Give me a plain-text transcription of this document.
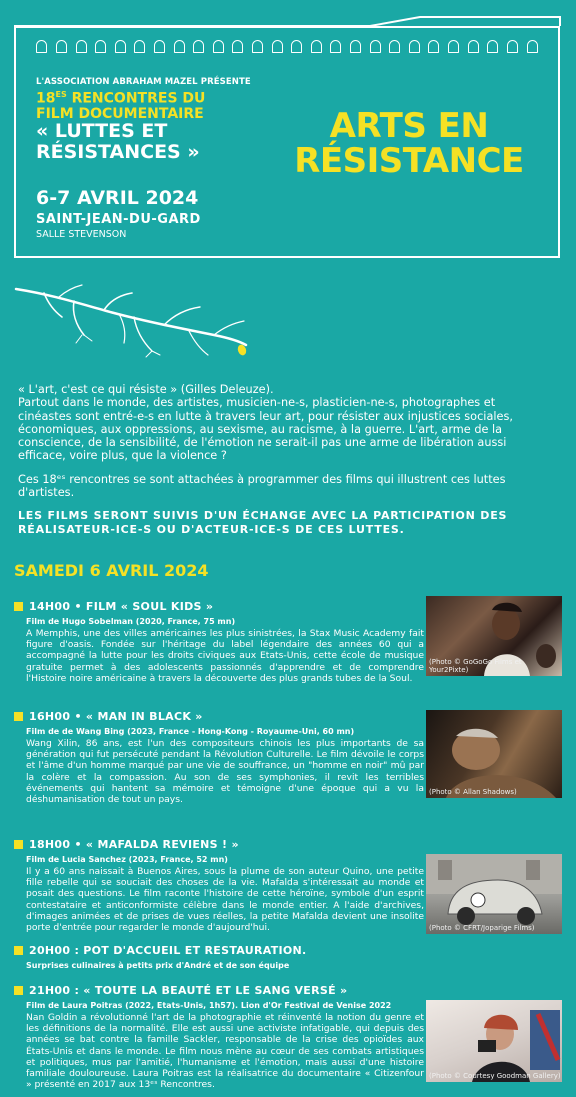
L'ASSOCIATION ABRAHAM MAZEL PRÉSENTE
$18^{ES}$ RENCONTRES DU
FILM DOCUMENTAIRE
« LUTTES ET
RÉSISTANCES »
6-7 AVRIL 2024
SAINT-JEAN-DU-GARD
SALLE STEVENSON
ARTS EN
RÉSISTANCE

« L'art, c'est ce qui résiste » (Gilles Deleuze).

Partout dans le monde, des artistes, musicien-ne-s, plasticien-ne-s, photographes et cinéastes sont entré-e-s en lutte à travers leur art, pour résister aux injustices sociales, économiques, aux oppressions, au sexisme, au racisme, à la guerre. L'art, arme de la conscience, de la sensibilité, de l'émotion ne serait-il pas une arme de libération aussi efficace, voire plus, que la violence ?

Ces 18ᵉˢ rencontres se sont attachées à programmer des films qui illustrent ces luttes d'artistes.

LES FILMS SERONT SUIVIS D'UN ÉCHANGE AVEC LA PARTICIPATION DES RÉALISATEUR-ICE-S OU D'ACTEUR-ICE-S DE CES LUTTES.

SAMEDI 6 AVRIL 2024
14H00 • FILM « SOUL KIDS »
Film de Hugo Sobelman (2020, France, 75 mn)
A Memphis, une des villes américaines les plus sinistrées, la Stax Music Academy fait figure d'oasis. Fondée sur l'héritage du label légendaire des années 60 qui a accompagné la lutte pour les droits civiques aux Etats-Unis, cette école de musique gratuite permet à des adolescents passionnés d'apprendre et de comprendre l'Histoire noire américaine à travers la découverte des plus grands tubes de la Soul.
(Photo © GoGoGo Films et Your2Pixte)
16H00 • « MAN IN BLACK »
Film de de Wang Bing (2023, France - Hong-Kong - Royaume-Uni, 60 mn)
Wang Xilin, 86 ans, est l'un des compositeurs chinois les plus importants de sa génération qui fut persécuté pendant la Révolution Culturelle. Le film dévoile le corps et l'âme d'un homme marqué par une vie de souffrance, un "homme en noir" mû par la colère et la compassion. Au son de ses symphonies, il revit les terribles événements qui hantent sa mémoire et témoigne d'une époque qui a vu la déshumanisation de tout un pays.
(Photo © Allan Shadows)
18H00 • « MAFALDA REVIENS ! »
Film de Lucia Sanchez (2023, France, 52 mn)
Il y a 60 ans naissait à Buenos Aires, sous la plume de son auteur Quino, une petite fille rebelle qui se souciait des choses de la vie. Mafalda s'intéressait au monde et posait des questions. Le film raconte l'histoire de cette héroïne, symbole d'un esprit contestataire et anticonformiste célèbre dans le monde entier. A l'aide d'archives, d'images animées et de prises de vues réelles, la petite Mafalda devient une insolite porte d'entrée pour regarder le monde d'aujourd'hui.	(Photo © CFRT/Joparige Films)
20H00 : POT D'ACCUEIL ET RESTAURATION.
Surprises culinaires à petits prix d'André et de son équipe
21H00 : « TOUTE LA BEAUTÉ ET LE SANG VERSÉ »
Film de Laura Poitras (2022, Etats-Unis, 1h57). Lion d'Or Festival de Venise 2022
Nan Goldin a révolutionné l'art de la photographie et réinventé la notion du genre et les définitions de la normalité. Elle est aussi une activiste infatigable, qui depuis des années se bat contre la famille Sackler, responsable de la crise des opioïdes aux États-Unis et dans le monde. Le film nous mène au cœur de ses combats artistiques et politiques, mus par l'amitié, l'humanisme et l'émotion, mais aussi d'une histoire familiale douloureuse. Laura Poitras est la réalisatrice du documentaire « Citizenfour » présenté en 2017 aux 13ᵉˢ Rencontres.
(Photo © Courtesy Goodman Gallery)
